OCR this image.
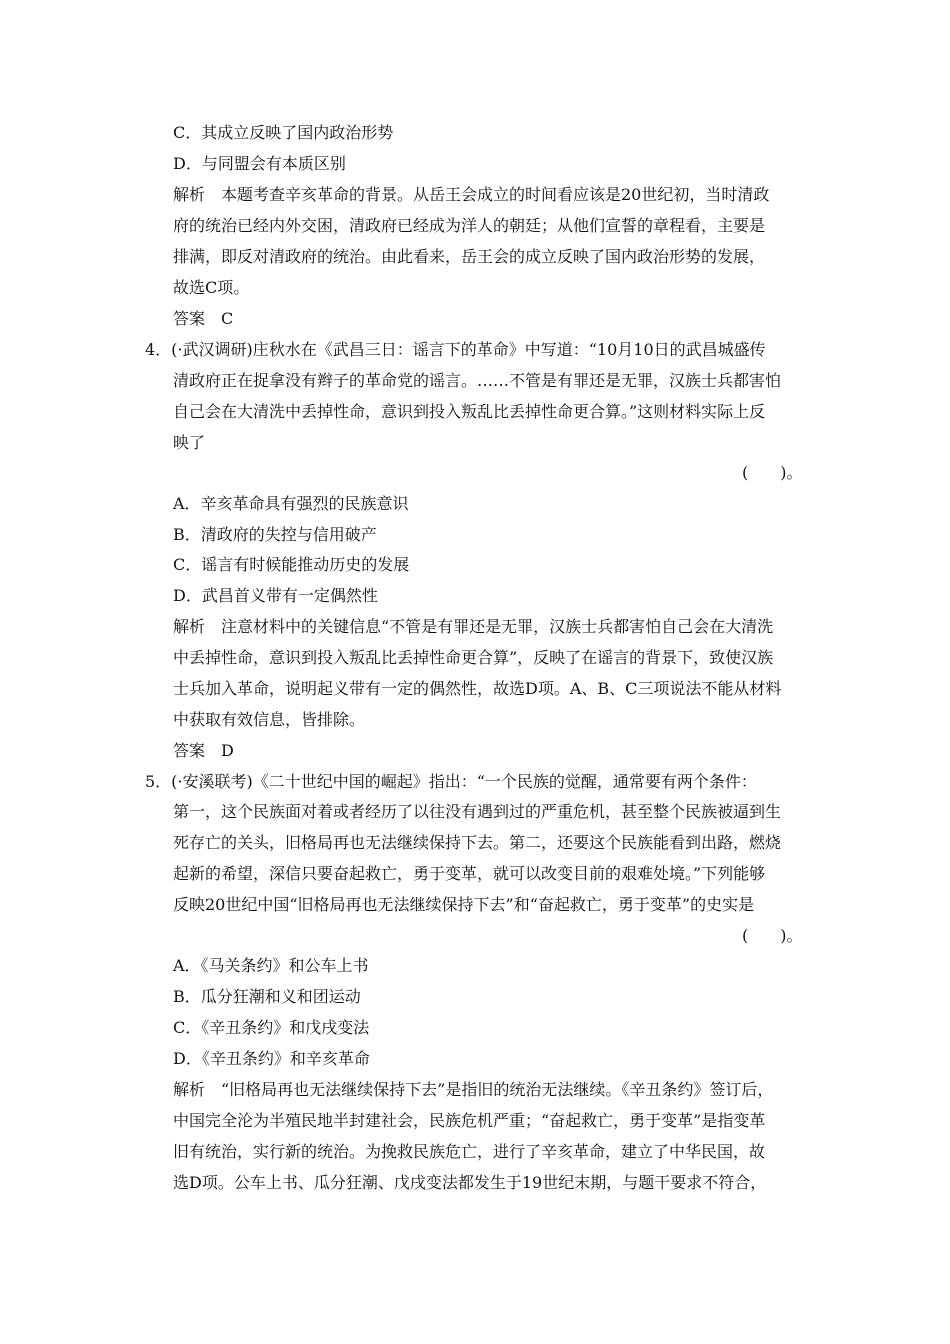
C．其成立反映了国内政治形势
D．与同盟会有本质区别
解析　本题考查辛亥革命的背景。从岳王会成立的时间看应该是20世纪初，当时清政
府的统治已经内外交困，清政府已经成为洋人的朝廷；从他们宣誓的章程看，主要是
排满，即反对清政府的统治。由此看来，岳王会的成立反映了国内政治形势的发展，
故选C项。
答案　C
4．(·武汉调研)庄秋水在《武昌三日：谣言下的革命》中写道：“10月10日的武昌城盛传
清政府正在捉拿没有辫子的革命党的谣言。……不管是有罪还是无罪，汉族士兵都害怕
自己会在大清洗中丢掉性命，意识到投入叛乱比丢掉性命更合算。”这则材料实际上反
映了
(　　)。
A．辛亥革命具有强烈的民族意识
B．清政府的失控与信用破产
C．谣言有时候能推动历史的发展
D．武昌首义带有一定偶然性
解析　注意材料中的关键信息“不管是有罪还是无罪，汉族士兵都害怕自己会在大清洗
中丢掉性命，意识到投入叛乱比丢掉性命更合算”，反映了在谣言的背景下，致使汉族
士兵加入革命，说明起义带有一定的偶然性，故选D项。A、B、C三项说法不能从材料
中获取有效信息，皆排除。
答案　D
5．(·安溪联考)《二十世纪中国的崛起》指出：“一个民族的觉醒，通常要有两个条件：
第一，这个民族面对着或者经历了以往没有遇到过的严重危机，甚至整个民族被逼到生
死存亡的关头，旧格局再也无法继续保持下去。第二，还要这个民族能看到出路，燃烧
起新的希望，深信只要奋起救亡，勇于变革，就可以改变目前的艰难处境。”下列能够
反映20世纪中国“旧格局再也无法继续保持下去”和“奋起救亡，勇于变革”的史实是
(　　)。
A．《马关条约》和公车上书
B．瓜分狂潮和义和团运动
C．《辛丑条约》和戊戌变法
D．《辛丑条约》和辛亥革命
解析　“旧格局再也无法继续保持下去”是指旧的统治无法继续。《辛丑条约》签订后，
中国完全沦为半殖民地半封建社会，民族危机严重；“奋起救亡，勇于变革”是指变革
旧有统治，实行新的统治。为挽救民族危亡，进行了辛亥革命，建立了中华民国，故
选D项。公车上书、瓜分狂潮、戊戌变法都发生于19世纪末期，与题干要求不符合，
